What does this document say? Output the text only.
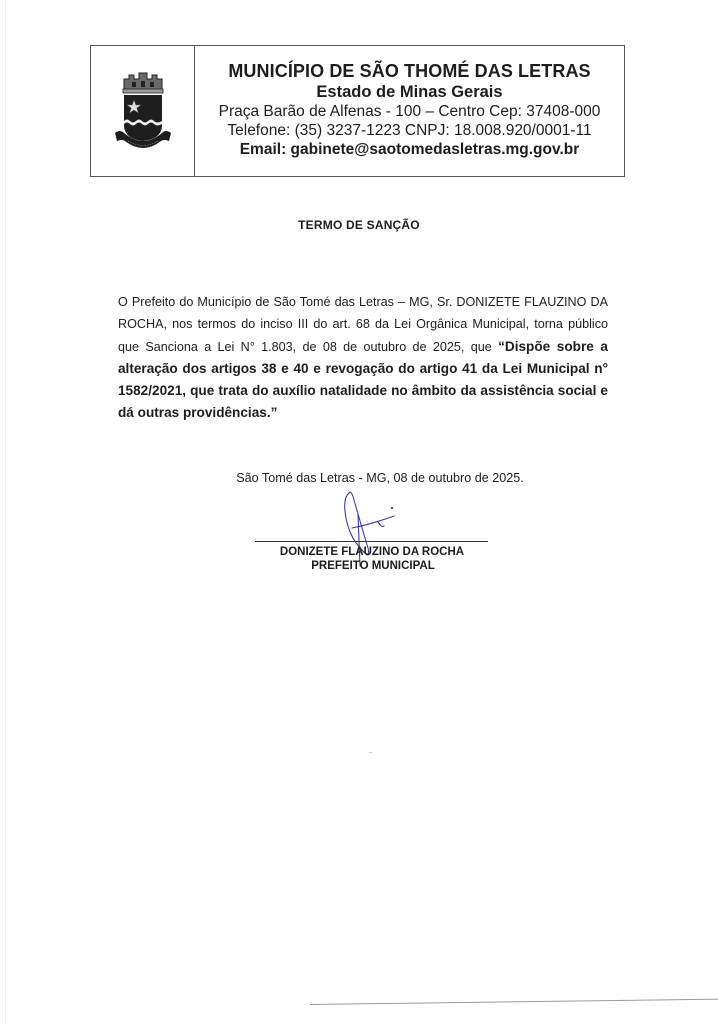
MUNICÍPIO DE SÃO THOMÉ DAS LETRAS
Estado de Minas Gerais
Praça Barão de Alfenas - 100 – Centro Cep: 37408-000
Telefone: (35) 3237-1223 CNPJ: 18.008.920/0001-11
Email: gabinete@saotomedasletras.mg.gov.br
TERMO DE SANÇÃO
O Prefeito do Município de São Tomé das Letras – MG, Sr. DONIZETE FLAUZINO DA ROCHA, nos termos do inciso III do art. 68 da Lei Orgânica Municipal, torna público que Sanciona a Lei N° 1.803, de 08 de outubro de 2025, que “Dispõe sobre a alteração dos artigos 38 e 40 e revogação do artigo 41 da Lei Municipal n° 1582/2021, que trata do auxílio natalidade no âmbito da assistência social e dá outras providências.”
São Tomé das Letras - MG, 08 de outubro de 2025.
DONIZETE FLAUZINO DA ROCHA
PREFEITO MUNICIPAL
